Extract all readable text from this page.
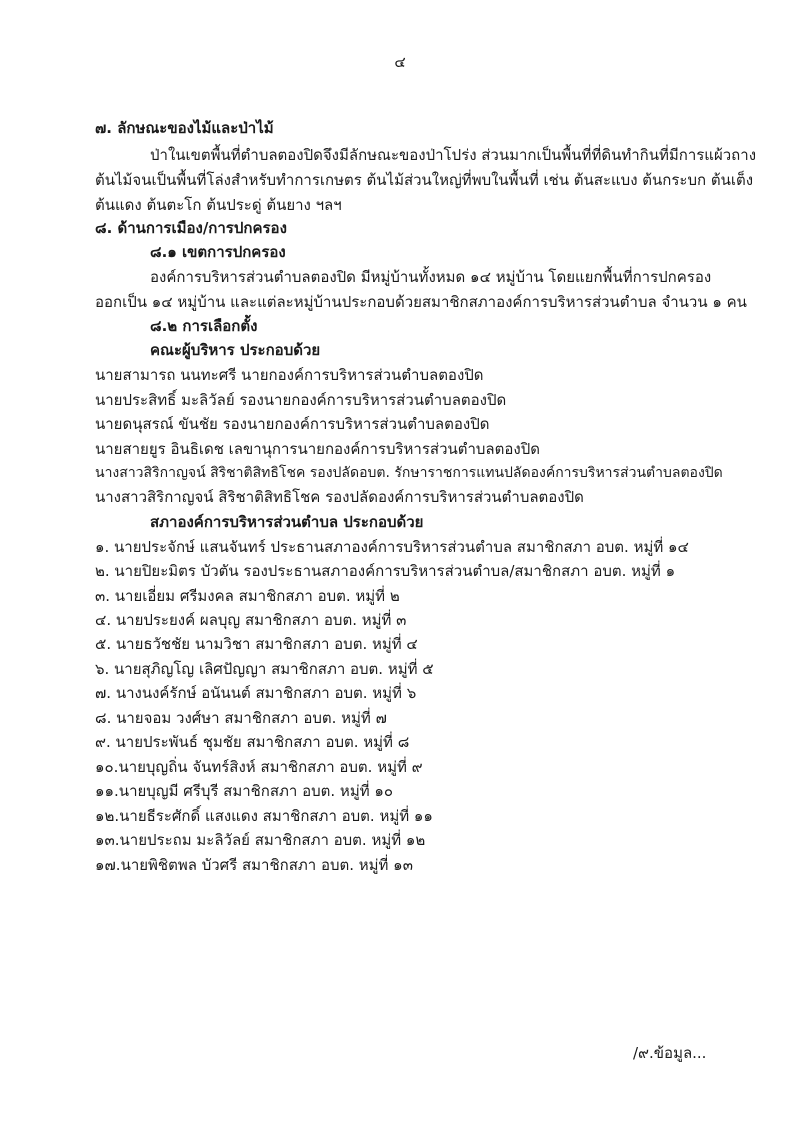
๔
๗. ลักษณะของไม้และป่าไม้
ป่าในเขตพื้นที่ตำบลตองปิดจึงมีลักษณะของป่าโปร่ง ส่วนมากเป็นพื้นที่ที่ดินทำกินที่มีการแผ้วถาง
ต้นไม้จนเป็นพื้นที่โล่งสำหรับทำการเกษตร ต้นไม้ส่วนใหญ่ที่พบในพื้นที่ เช่น ต้นสะแบง ต้นกระบก ต้นเต็ง
ต้นแดง ต้นตะโก ต้นประดู่ ต้นยาง ฯลฯ
๘. ด้านการเมือง/การปกครอง
๘.๑ เขตการปกครอง
องค์การบริหารส่วนตำบลตองปิด มีหมู่บ้านทั้งหมด ๑๔ หมู่บ้าน โดยแยกพื้นที่การปกครอง
ออกเป็น ๑๔ หมู่บ้าน และแต่ละหมู่บ้านประกอบด้วยสมาชิกสภาองค์การบริหารส่วนตำบล จำนวน ๑ คน
๘.๒ การเลือกตั้ง
คณะผู้บริหาร ประกอบด้วย
นายสามารถ นนทะศรี นายกองค์การบริหารส่วนตำบลตองปิด
นายประสิทธิ์ มะลิวัลย์ รองนายกองค์การบริหารส่วนตำบลตองปิด
นายดนุสรณ์ ขันชัย รองนายกองค์การบริหารส่วนตำบลตองปิด
นายสายยูร อินธิเดช เลขานุการนายกองค์การบริหารส่วนตำบลตองปิด
นางสาวสิริกาญจน์ สิริชาติสิทธิโชค รองปลัดอบต. รักษาราชการแทนปลัดองค์การบริหารส่วนตำบลตองปิด
นางสาวสิริกาญจน์ สิริชาติสิทธิโชค รองปลัดองค์การบริหารส่วนตำบลตองปิด
สภาองค์การบริหารส่วนตำบล ประกอบด้วย
๑. นายประจักษ์ แสนจันทร์ ประธานสภาองค์การบริหารส่วนตำบล สมาชิกสภา อบต. หมู่ที่ ๑๔
๒. นายปิยะมิตร บัวตัน รองประธานสภาองค์การบริหารส่วนตำบล/สมาชิกสภา อบต. หมู่ที่ ๑
๓. นายเอี่ยม ศรีมงคล สมาชิกสภา อบต. หมู่ที่ ๒
๔. นายประยงค์ ผลบุญ สมาชิกสภา อบต. หมู่ที่ ๓
๕. นายธวัชชัย นามวิชา สมาชิกสภา อบต. หมู่ที่ ๔
๖. นายสุภิญโญ เลิศปัญญา สมาชิกสภา อบต. หมู่ที่ ๕
๗. นางนงค์รักษ์ อนันนต์ สมาชิกสภา อบต. หมู่ที่ ๖
๘. นายจอม วงศ์ษา สมาชิกสภา อบต. หมู่ที่ ๗
๙. นายประพันธ์ ชุมชัย สมาชิกสภา อบต. หมู่ที่ ๘
๑๐.นายบุญถิ่น จันทร์สิงห์ สมาชิกสภา อบต. หมู่ที่ ๙
๑๑.นายบุญมี ศรีบุรี สมาชิกสภา อบต. หมู่ที่ ๑๐
๑๒.นายธีระศักดิ์ แสงแดง สมาชิกสภา อบต. หมู่ที่ ๑๑
๑๓.นายประถม มะลิวัลย์ สมาชิกสภา อบต. หมู่ที่ ๑๒
๑๗.นายพิชิตพล บัวศรี สมาชิกสภา อบต. หมู่ที่ ๑๓
/๙.ข้อมูล...
